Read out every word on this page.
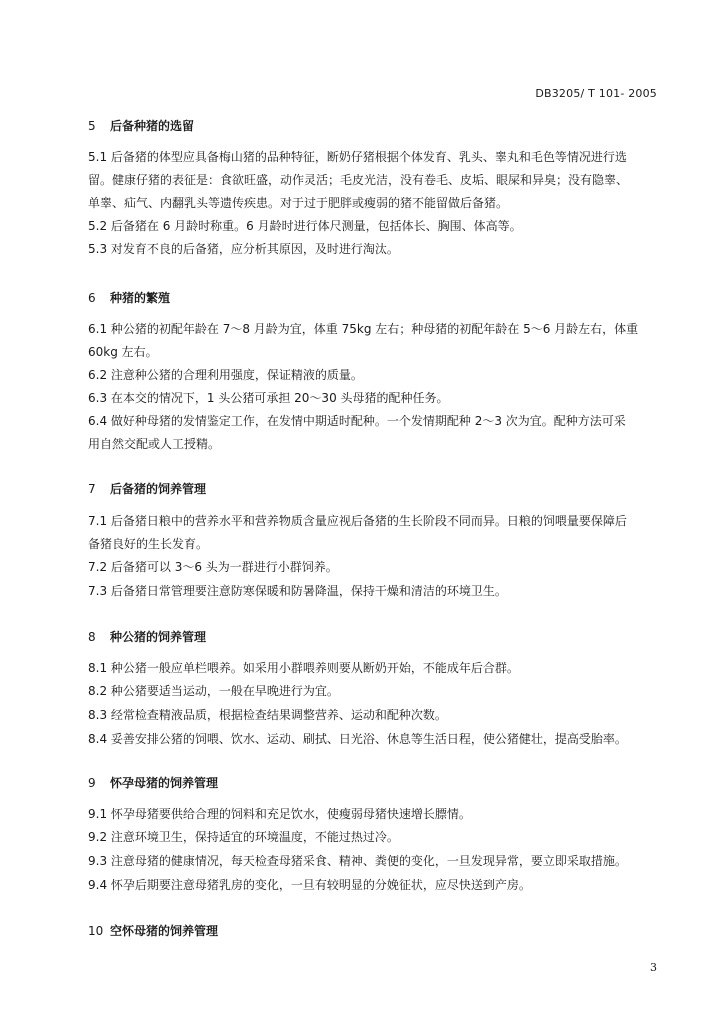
DB3205/ T 101- 2005
5 后备种猪的选留
5.1 后备猪的体型应具备梅山猪的品种特征，断奶仔猪根据个体发育、乳头、睾丸和毛色等情况进行选
留。健康仔猪的表征是：食欲旺盛，动作灵活；毛皮光洁，没有卷毛、皮垢、眼屎和异臭；没有隐睾、
单睾、疝气、内翻乳头等遗传疾患。对于过于肥胖或瘦弱的猪不能留做后备猪。
5.2 后备猪在 6 月龄时称重。6 月龄时进行体尺测量，包括体长、胸围、体高等。
5.3 对发育不良的后备猪，应分析其原因，及时进行淘汰。
6 种猪的繁殖
6.1 种公猪的初配年龄在 7～8 月龄为宜，体重 75kg 左右；种母猪的初配年龄在 5～6 月龄左右，体重
60kg 左右。
6.2 注意种公猪的合理利用强度，保证精液的质量。
6.3 在本交的情况下，1 头公猪可承担 20～30 头母猪的配种任务。
6.4 做好种母猪的发情鉴定工作，在发情中期适时配种。一个发情期配种 2～3 次为宜。配种方法可采
用自然交配或人工授精。
7 后备猪的饲养管理
7.1 后备猪日粮中的营养水平和营养物质含量应视后备猪的生长阶段不同而异。日粮的饲喂量要保障后
备猪良好的生长发育。
7.2 后备猪可以 3～6 头为一群进行小群饲养。
7.3 后备猪日常管理要注意防寒保暖和防暑降温，保持干燥和清洁的环境卫生。
8 种公猪的饲养管理
8.1 种公猪一般应单栏喂养。如采用小群喂养则要从断奶开始，不能成年后合群。
8.2 种公猪要适当运动，一般在早晚进行为宜。
8.3 经常检查精液品质，根据检查结果调整营养、运动和配种次数。
8.4 妥善安排公猪的饲喂、饮水、运动、刷拭、日光浴、休息等生活日程，使公猪健壮，提高受胎率。
9 怀孕母猪的饲养管理
9.1 怀孕母猪要供给合理的饲料和充足饮水，使瘦弱母猪快速增长膘情。
9.2 注意环境卫生，保持适宜的环境温度，不能过热过冷。
9.3 注意母猪的健康情况，每天检查母猪采食、精神、粪便的变化，一旦发现异常，要立即采取措施。
9.4 怀孕后期要注意母猪乳房的变化，一旦有较明显的分娩征状，应尽快送到产房。
10 空怀母猪的饲养管理
3
